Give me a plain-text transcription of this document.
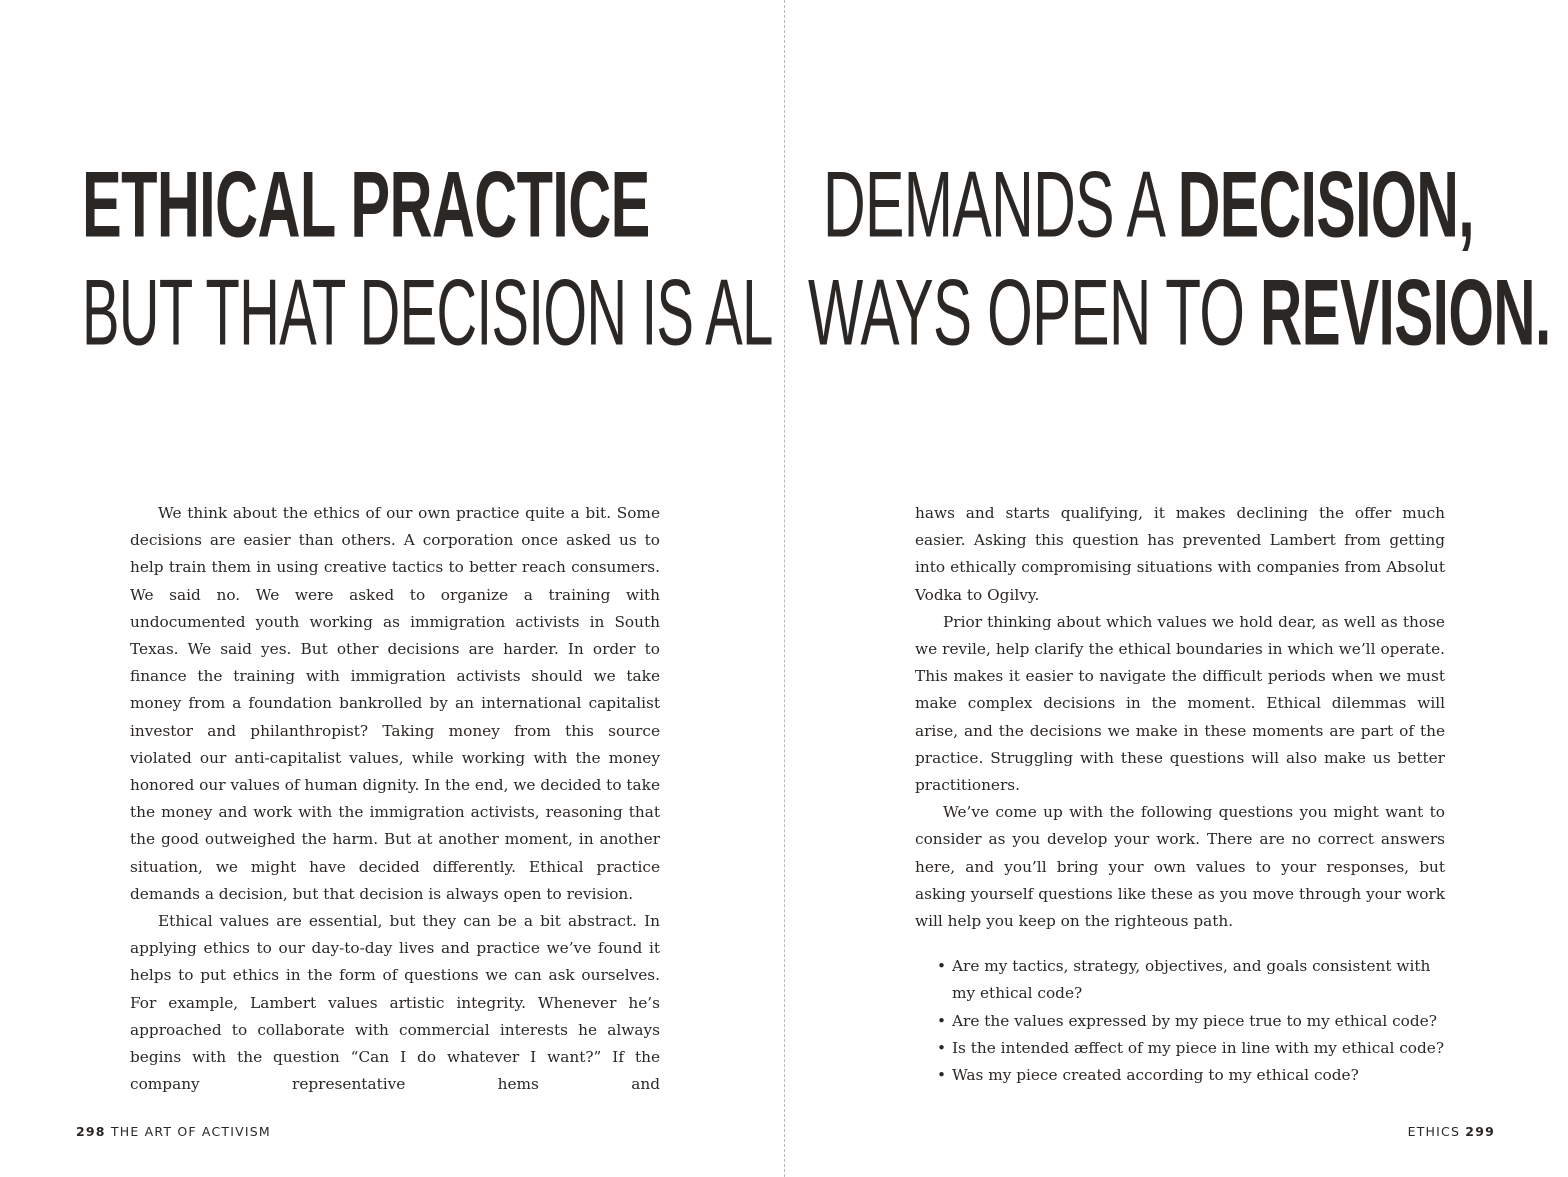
ETHICAL PRACTICE DEMANDS A DECISION,
BUT THAT DECISION IS AL WAYS OPEN TO REVISION.

We think about the ethics of our own practice quite a bit. Some decisions are easier than others. A corporation once asked us to help train them in using creative tactics to better reach consumers. We said no. We were asked to organize a training with undocumented youth working as immigration activists in South Texas. We said yes. But other decisions are harder. In order to finance the training with immigration activists should we take money from a foundation bankrolled by an international capitalist investor and philanthropist? Taking money from this source violated our anti-capitalist values, while working with the money honored our values of human dignity. In the end, we decided to take the money and work with the immigration activists, reasoning that the good outweighed the harm. But at another moment, in another situation, we might have decided differently. Ethical practice demands a decision, but that decision is always open to revision.

Ethical values are essential, but they can be a bit abstract. In applying ethics to our day-to-day lives and practice we’ve found it helps to put ethics in the form of questions we can ask ourselves. For example, Lambert values artistic integrity. Whenever he’s approached to collaborate with commercial interests he always begins with the question “Can I do whatever I want?” If the company representative hems and

haws and starts qualifying, it makes declining the offer much easier. Asking this question has prevented Lambert from getting into ethically compromising situations with companies from Absolut Vodka to Ogilvy.

Prior thinking about which values we hold dear, as well as those we revile, help clarify the ethical boundaries in which we’ll operate. This makes it easier to navigate the difficult periods when we must make complex decisions in the moment. Ethical dilemmas will arise, and the decisions we make in these moments are part of the practice. Struggling with these questions will also make us better practitioners.

We’ve come up with the following questions you might want to consider as you develop your work. There are no correct answers here, and you’ll bring your own values to your responses, but asking yourself questions like these as you move through your work will help you keep on the righteous path.

• Are my tactics, strategy, objectives, and goals consistent with my ethical code?
• Are the values expressed by my piece true to my ethical code?
• Is the intended æffect of my piece in line with my ethical code?
• Was my piece created according to my ethical code?
298 THE ART OF ACTIVISM	ETHICS 299
